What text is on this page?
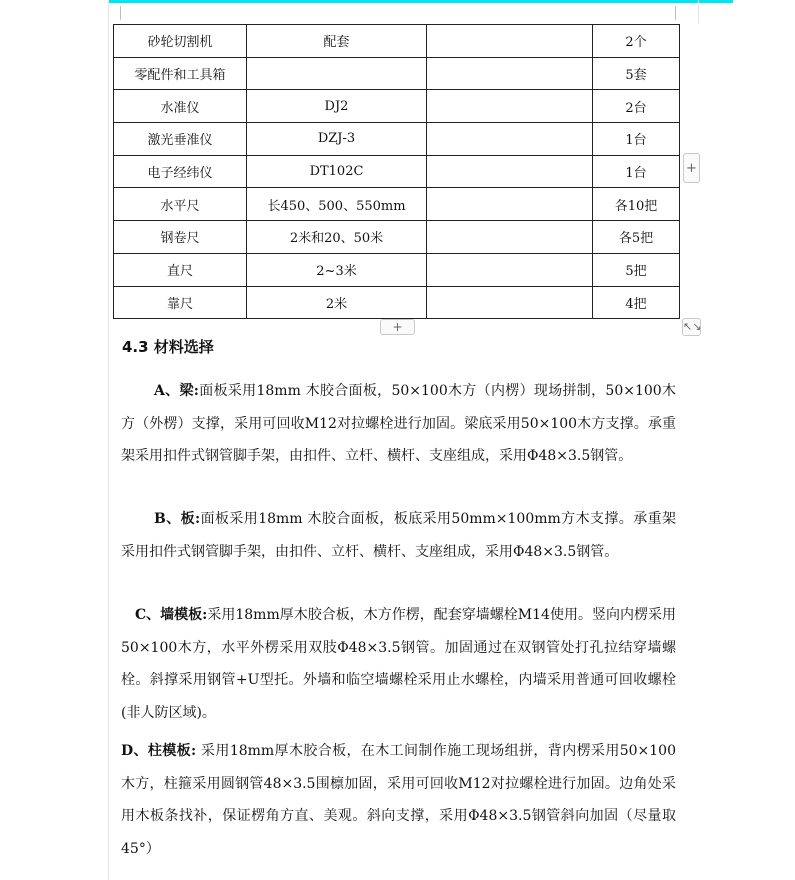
砂轮切割机	配套		2个
零配件和工具箱			5套
水准仪	DJ2		2台
激光垂准仪	DZJ-3		1台
电子经纬仪	DT102C		1台
水平尺	长450、500、550mm		各10把
钢卷尺	2米和20、50米		各5把
直尺	2~3米		5把
靠尺	2米		4把
+
+	↖↘
4.3 材料选择

A、梁:面板采用18mm 木胶合面板，50×100木方（内楞）现场拼制，50×100木方（外楞）支撑，采用可回收M12对拉螺栓进行加固。梁底采用50×100木方支撑。承重架采用扣件式钢管脚手架，由扣件、立杆、横杆、支座组成，采用Φ48×3.5钢管。

B、板:面板采用18mm 木胶合面板，板底采用50mm×100mm方木支撑。承重架采用扣件式钢管脚手架，由扣件、立杆、横杆、支座组成，采用Φ48×3.5钢管。

C、墙模板:采用18mm厚木胶合板，木方作楞，配套穿墙螺栓M14使用。竖向内楞采用50×100木方，水平外楞采用双肢Φ48×3.5钢管。加固通过在双钢管处打孔拉结穿墙螺栓。斜撑采用钢管+U型托。外墙和临空墙螺栓采用止水螺栓，内墙采用普通可回收螺栓(非人防区域)。

D、柱模板: 采用18mm厚木胶合板，在木工间制作施工现场组拼，背内楞采用50×100木方，柱箍采用圆钢管48×3.5围檩加固，采用可回收M12对拉螺栓进行加固。边角处采用木板条找补，保证楞角方直、美观。斜向支撑，采用Φ48×3.5钢管斜向加固（尽量取45°）
